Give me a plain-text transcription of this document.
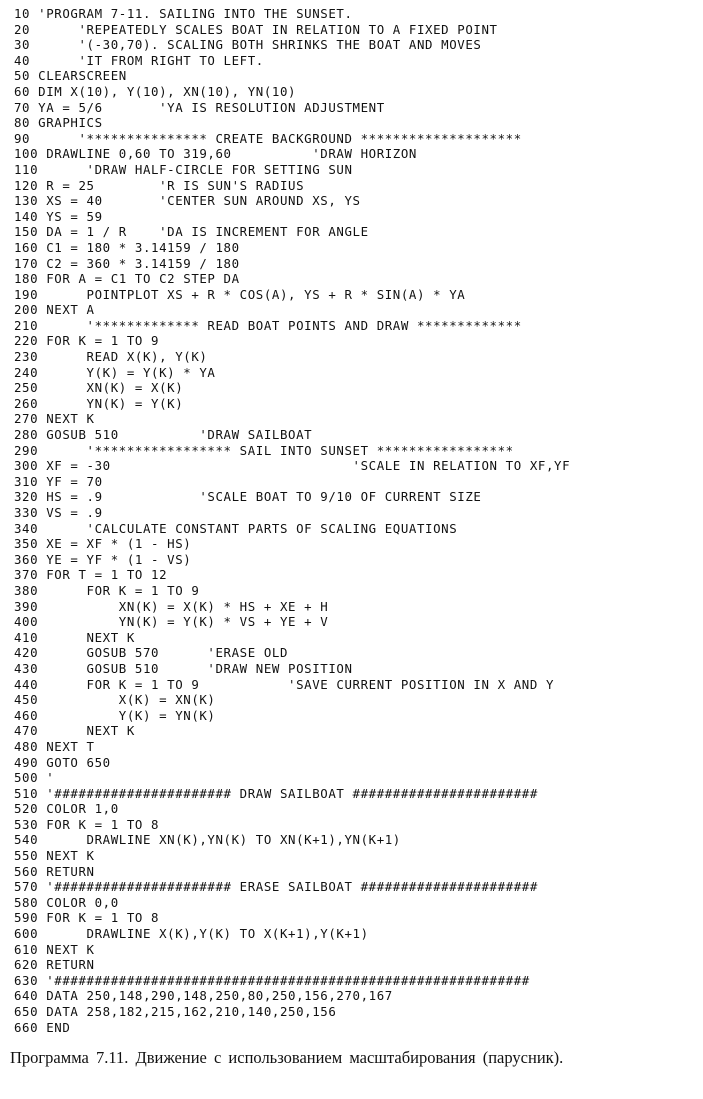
10 'PROGRAM 7-11. SAILING INTO THE SUNSET.
20      'REPEATEDLY SCALES BOAT IN RELATION TO A FIXED POINT
30      '(-30,70). SCALING BOTH SHRINKS THE BOAT AND MOVES
40      'IT FROM RIGHT TO LEFT.
50 CLEARSCREEN
60 DIM X(10), Y(10), XN(10), YN(10)
70 YA = 5/6       'YA IS RESOLUTION ADJUSTMENT
80 GRAPHICS
90      '*************** CREATE BACKGROUND ********************
100 DRAWLINE 0,60 TO 319,60          'DRAW HORIZON
110      'DRAW HALF-CIRCLE FOR SETTING SUN
120 R = 25        'R IS SUN'S RADIUS
130 XS = 40       'CENTER SUN AROUND XS, YS
140 YS = 59
150 DA = 1 / R    'DA IS INCREMENT FOR ANGLE
160 C1 = 180 * 3.14159 / 180
170 C2 = 360 * 3.14159 / 180
180 FOR A = C1 TO C2 STEP DA
190      POINTPLOT XS + R * COS(A), YS + R * SIN(A) * YA
200 NEXT A
210      '************* READ BOAT POINTS AND DRAW *************
220 FOR K = 1 TO 9
230      READ X(K), Y(K)
240      Y(K) = Y(K) * YA
250      XN(K) = X(K)
260      YN(K) = Y(K)
270 NEXT K
280 GOSUB 510          'DRAW SAILBOAT
290      '***************** SAIL INTO SUNSET *****************
300 XF = -30                              'SCALE IN RELATION TO XF,YF
310 YF = 70
320 HS = .9            'SCALE BOAT TO 9/10 OF CURRENT SIZE
330 VS = .9
340      'CALCULATE CONSTANT PARTS OF SCALING EQUATIONS
350 XE = XF * (1 - HS)
360 YE = YF * (1 - VS)
370 FOR T = 1 TO 12
380      FOR K = 1 TO 9
390          XN(K) = X(K) * HS + XE + H
400          YN(K) = Y(K) * VS + YE + V
410      NEXT K
420      GOSUB 570      'ERASE OLD
430      GOSUB 510      'DRAW NEW POSITION
440      FOR K = 1 TO 9           'SAVE CURRENT POSITION IN X AND Y
450          X(K) = XN(K)
460          Y(K) = YN(K)
470      NEXT K
480 NEXT T
490 GOTO 650
500 '
510 '###################### DRAW SAILBOAT #######################
520 COLOR 1,0
530 FOR K = 1 TO 8
540      DRAWLINE XN(K),YN(K) TO XN(K+1),YN(K+1)
550 NEXT K
560 RETURN
570 '###################### ERASE SAILBOAT ######################
580 COLOR 0,0
590 FOR K = 1 TO 8
600      DRAWLINE X(K),Y(K) TO X(K+1),Y(K+1)
610 NEXT K
620 RETURN
630 '###########################################################
640 DATA 250,148,290,148,250,80,250,156,270,167
650 DATA 258,182,215,162,210,140,250,156
660 END
Программа 7.11. Движение с использованием масштабирования (парусник).
